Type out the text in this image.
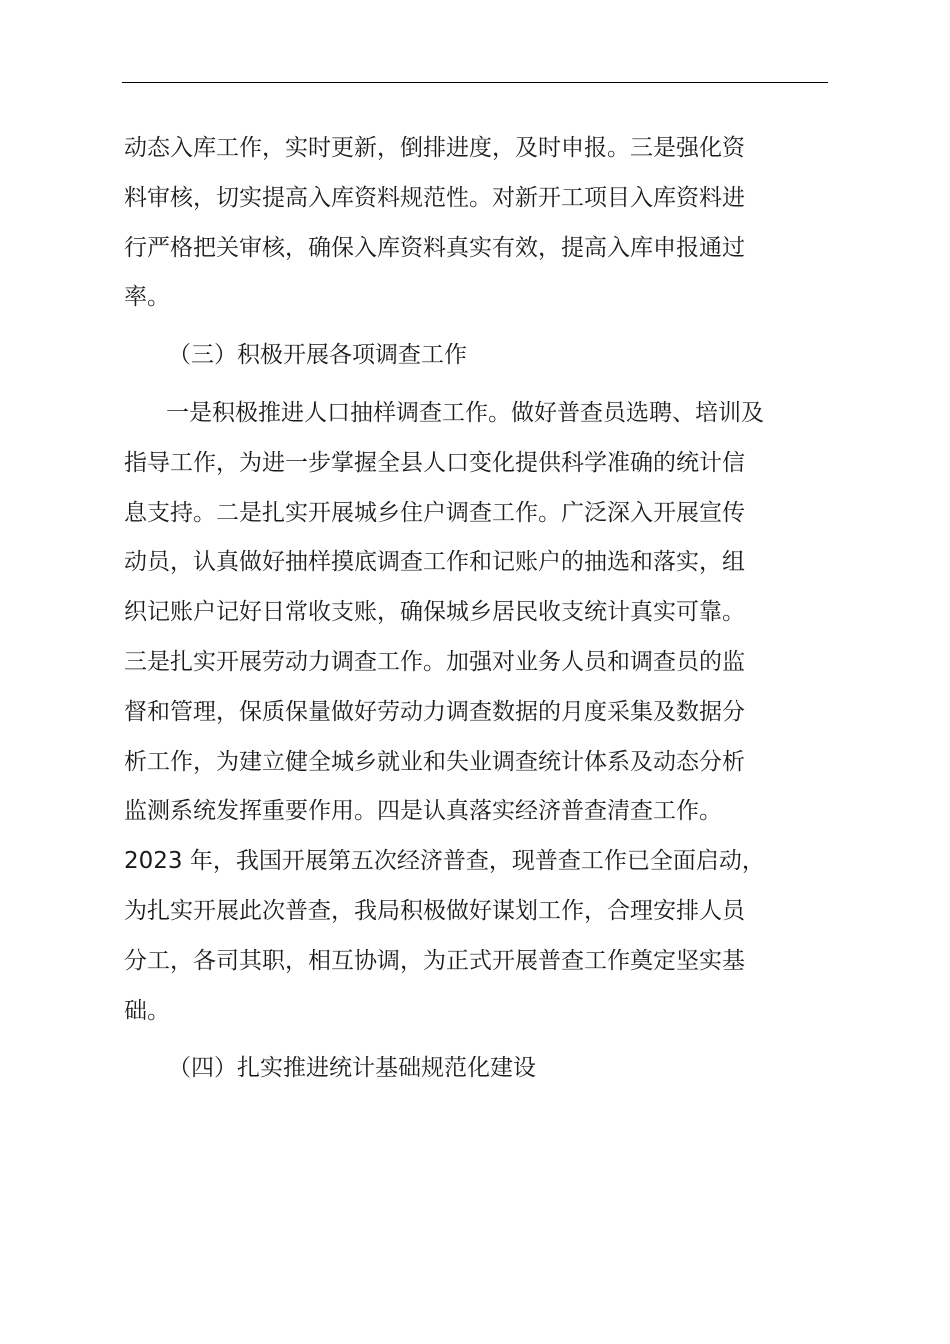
动态入库工作，实时更新，倒排进度，及时申报。三是强化资
料审核，切实提高入库资料规范性。对新开工项目入库资料进
行严格把关审核，确保入库资料真实有效，提高入库申报通过
率。
（三）积极开展各项调查工作
一是积极推进人口抽样调查工作。做好普查员选聘、培训及
指导工作，为进一步掌握全县人口变化提供科学准确的统计信
息支持。二是扎实开展城乡住户调查工作。广泛深入开展宣传
动员，认真做好抽样摸底调查工作和记账户的抽选和落实，组
织记账户记好日常收支账，确保城乡居民收支统计真实可靠。
三是扎实开展劳动力调查工作。加强对业务人员和调查员的监
督和管理，保质保量做好劳动力调查数据的月度采集及数据分
析工作，为建立健全城乡就业和失业调查统计体系及动态分析
监测系统发挥重要作用。四是认真落实经济普查清查工作。
2023 年，我国开展第五次经济普查，现普查工作已全面启动，
为扎实开展此次普查，我局积极做好谋划工作，合理安排人员
分工，各司其职，相互协调，为正式开展普查工作奠定坚实基
础。
（四）扎实推进统计基础规范化建设
